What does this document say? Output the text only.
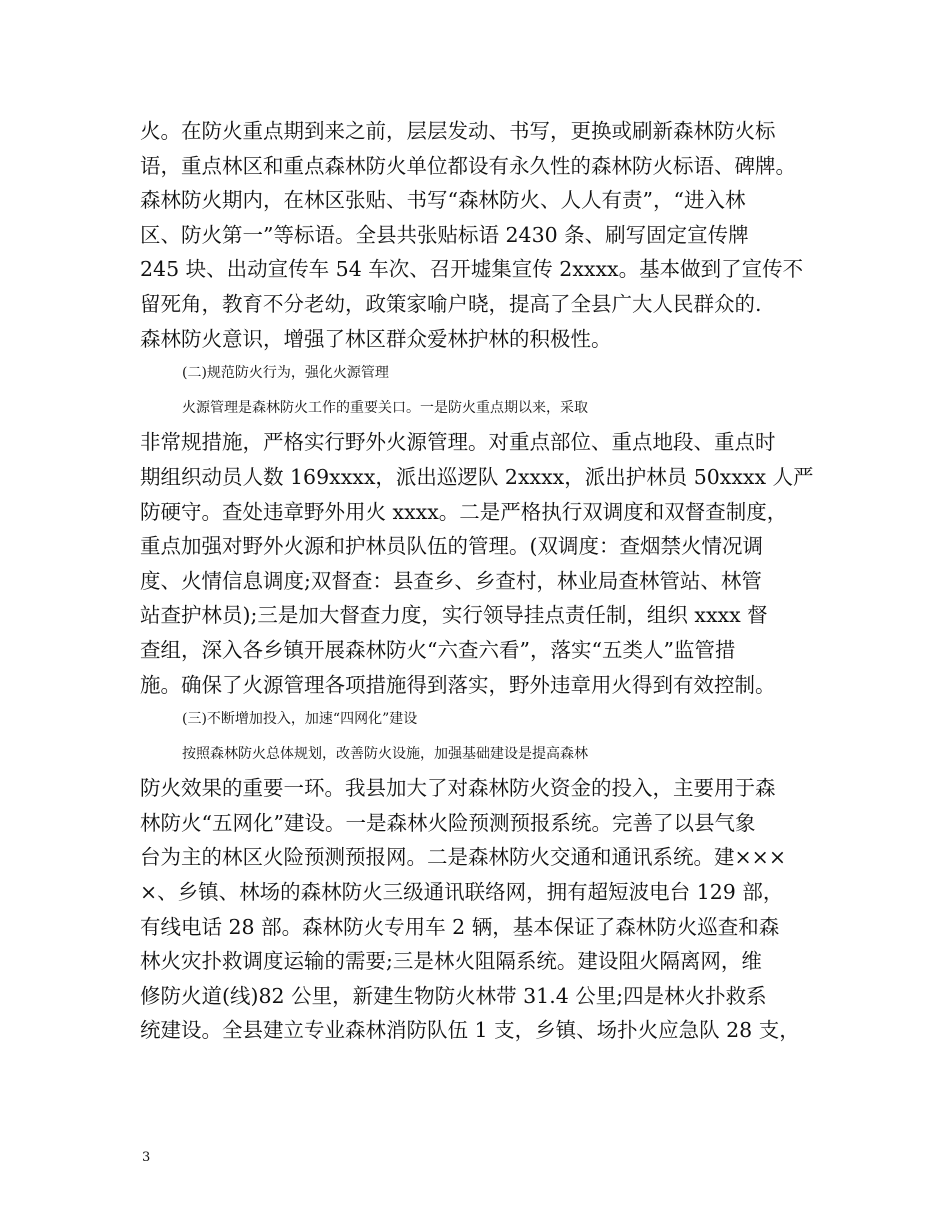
火。在防火重点期到来之前，层层发动、书写，更换或刷新森林防火标
语，重点林区和重点森林防火单位都设有永久性的森林防火标语、碑牌。
森林防火期内，在林区张贴、书写“森林防火、人人有责”，“进入林
区、防火第一”等标语。全县共张贴标语 2430 条、刷写固定宣传牌
245 块、出动宣传车 54 车次、召开墟集宣传 2xxxx。基本做到了宣传不
留死角，教育不分老幼，政策家喻户晓，提高了全县广大人民群众的.
森林防火意识，增强了林区群众爱林护林的积极性。
(二)规范防火行为，强化火源管理
火源管理是森林防火工作的重要关口。一是防火重点期以来，采取
非常规措施，严格实行野外火源管理。对重点部位、重点地段、重点时
期组织动员人数 169xxxx，派出巡逻队 2xxxx，派出护林员 50xxxx 人严
防硬守。查处违章野外用火 xxxx。二是严格执行双调度和双督查制度，
重点加强对野外火源和护林员队伍的管理。(双调度：查烟禁火情况调
度、火情信息调度;双督查：县查乡、乡查村，林业局查林管站、林管
站查护林员);三是加大督查力度，实行领导挂点责任制，组织 xxxx 督
查组，深入各乡镇开展森林防火“六查六看”，落实“五类人”监管措
施。确保了火源管理各项措施得到落实，野外违章用火得到有效控制。
(三)不断增加投入，加速“四网化”建设
按照森林防火总体规划，改善防火设施，加强基础建设是提高森林
防火效果的重要一环。我县加大了对森林防火资金的投入，主要用于森
林防火“五网化”建设。一是森林火险预测预报系统。完善了以县气象
台为主的林区火险预测预报网。二是森林防火交通和通讯系统。建×××
×、乡镇、林场的森林防火三级通讯联络网，拥有超短波电台 129 部，
有线电话 28 部。森林防火专用车 2 辆，基本保证了森林防火巡查和森
林火灾扑救调度运输的需要;三是林火阻隔系统。建设阻火隔离网，维
修防火道(线)82 公里，新建生物防火林带 31.4 公里;四是林火扑救系
统建设。全县建立专业森林消防队伍 1 支，乡镇、场扑火应急队 28 支，
3
